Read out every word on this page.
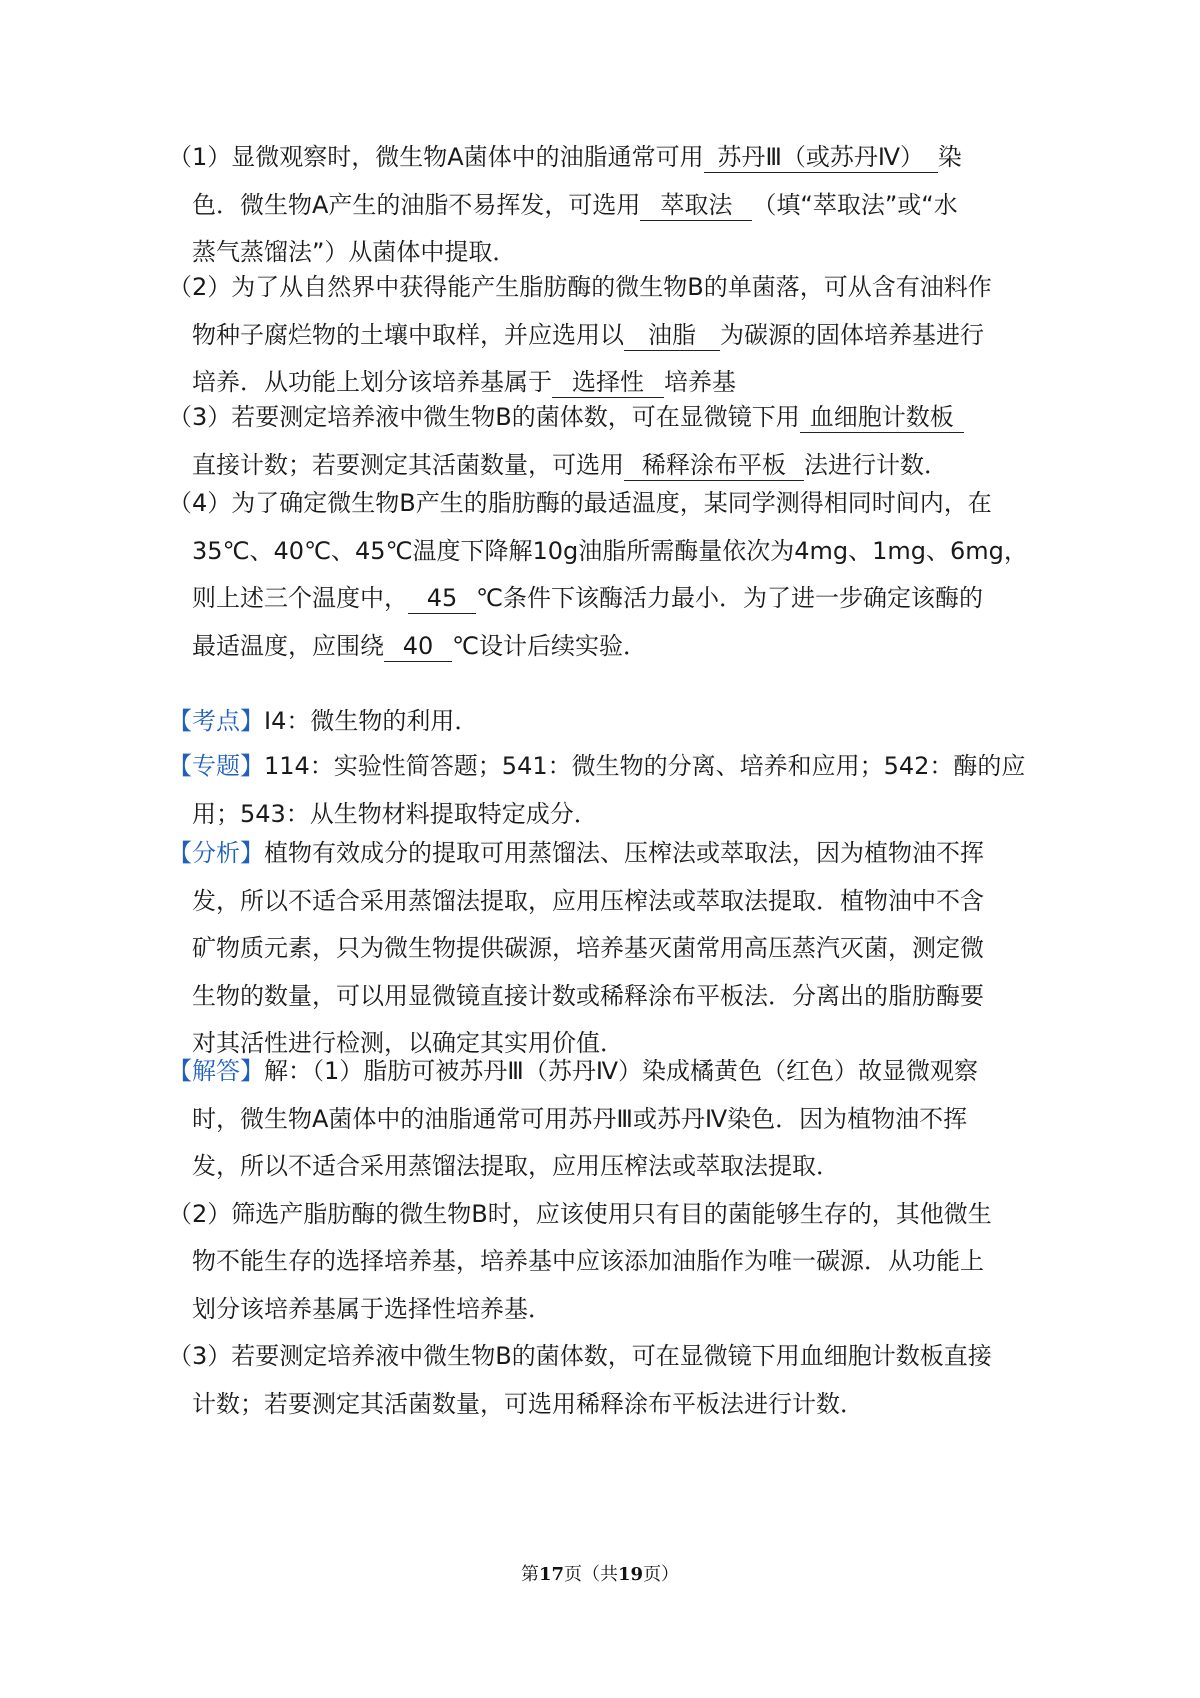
（1）显微观察时，微生物A菌体中的油脂通常可用 苏丹Ⅲ（或苏丹Ⅳ） 染
色．微生物A产生的油脂不易挥发，可选用 萃取法 （填“萃取法”或“水
蒸气蒸馏法”）从菌体中提取．
（2）为了从自然界中获得能产生脂肪酶的微生物B的单菌落，可从含有油料作
物种子腐烂物的土壤中取样，并应选用以 油脂 为碳源的固体培养基进行
培养．从功能上划分该培养基属于 选择性 培养基
（3）若要测定培养液中微生物B的菌体数，可在显微镜下用 血细胞计数板
直接计数；若要测定其活菌数量，可选用 稀释涂布平板 法进行计数．
（4）为了确定微生物B产生的脂肪酶的最适温度，某同学测得相同时间内，在
35℃、40℃、45℃温度下降解10g油脂所需酶量依次为4mg、1mg、6mg，
则上述三个温度中， 45 ℃条件下该酶活力最小．为了进一步确定该酶的
最适温度，应围绕 40 ℃设计后续实验．
【考点】I4：微生物的利用．
【专题】114：实验性简答题；541：微生物的分离、培养和应用；542：酶的应
用；543：从生物材料提取特定成分．
【分析】植物有效成分的提取可用蒸馏法、压榨法或萃取法，因为植物油不挥
发，所以不适合采用蒸馏法提取，应用压榨法或萃取法提取．植物油中不含
矿物质元素，只为微生物提供碳源，培养基灭菌常用高压蒸汽灭菌，测定微
生物的数量，可以用显微镜直接计数或稀释涂布平板法．分离出的脂肪酶要
对其活性进行检测，以确定其实用价值．
【解答】解：（1）脂肪可被苏丹Ⅲ（苏丹Ⅳ）染成橘黄色（红色）故显微观察
时，微生物A菌体中的油脂通常可用苏丹Ⅲ或苏丹Ⅳ染色．因为植物油不挥
发，所以不适合采用蒸馏法提取，应用压榨法或萃取法提取．
（2）筛选产脂肪酶的微生物B时，应该使用只有目的菌能够生存的，其他微生
物不能生存的选择培养基，培养基中应该添加油脂作为唯一碳源．从功能上
划分该培养基属于选择性培养基．
（3）若要测定培养液中微生物B的菌体数，可在显微镜下用血细胞计数板直接
计数；若要测定其活菌数量，可选用稀释涂布平板法进行计数．
第17页（共19页）
